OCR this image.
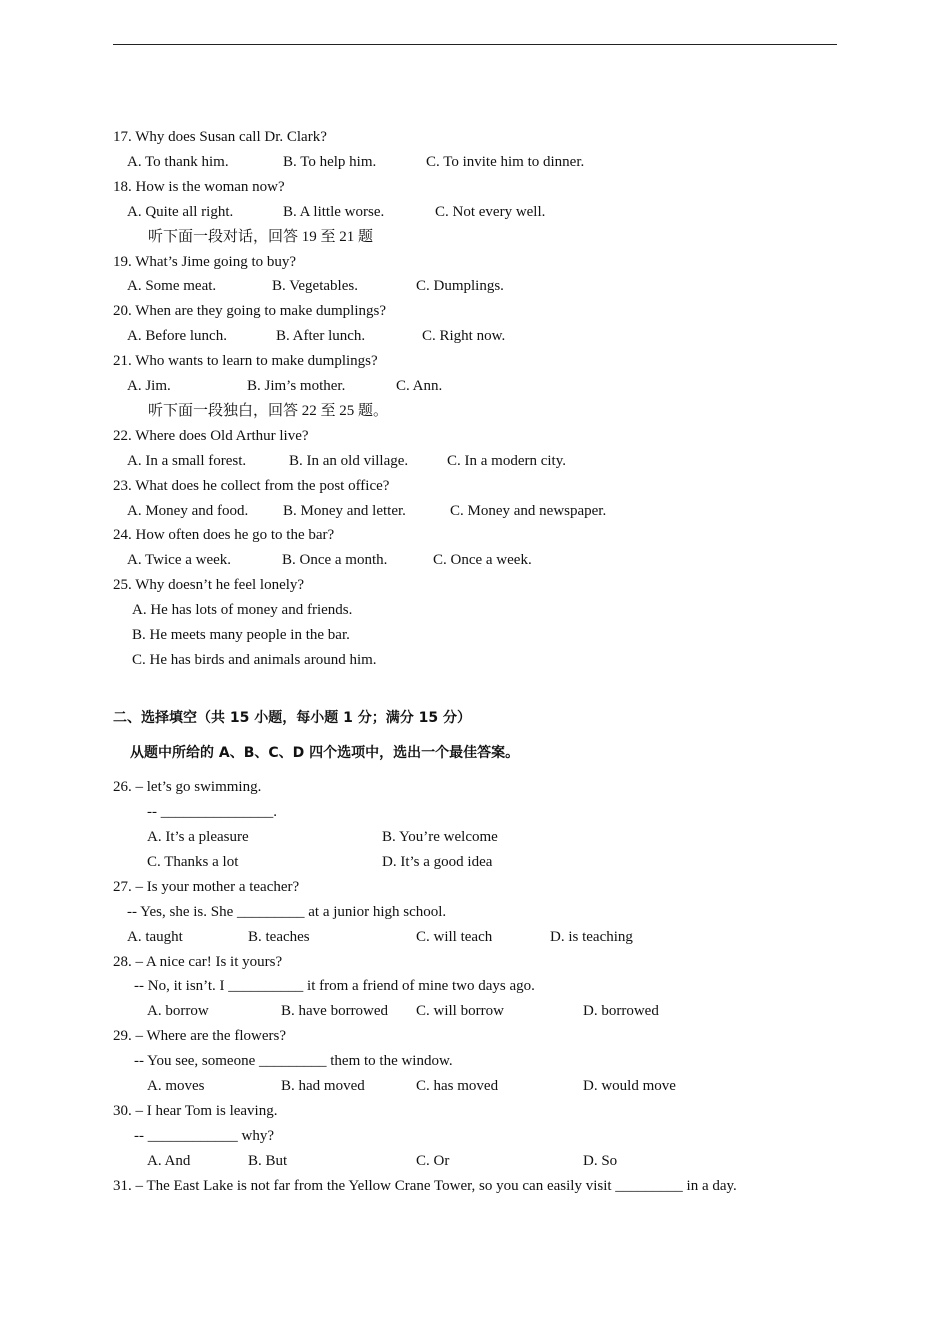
17. Why does Susan call Dr. Clark?
A. To thank him.	B. To help him.	C. To invite him to dinner.
18. How is the woman now?
A. Quite all right.	B. A little worse.	C. Not every well.
听下面一段对话，回答 19 至 21 题
19. What’s Jime going to buy?
A. Some meat.	B. Vegetables.	C. Dumplings.
20. When are they going to make dumplings?
A. Before lunch.	B. After lunch.	C. Right now.
21. Who wants to learn to make dumplings?
A. Jim.	B. Jim’s mother.	C. Ann.
听下面一段独白，回答 22 至 25 题。
22. Where does Old Arthur live?
A. In a small forest.	B. In an old village.	C. In a modern city.
23. What does he collect from the post office?
A. Money and food. B. Money and letter.	C. Money and newspaper.
24. How often does he go to the bar?
A. Twice a week.	B. Once a month.	C. Once a week.
25. Why doesn’t he feel lonely?
A. He has lots of money and friends.
B. He meets many people in the bar.
C. He has birds and animals around him.
二、选择填空（共 15 小题，每小题 1 分；满分 15 分）
从题中所给的 A、B、C、D 四个选项中，选出一个最佳答案。
26. – let’s go swimming.
-- _______________.
A. It’s a pleasure	B. You’re welcome
C. Thanks a lot	D. It’s a good idea
27. – Is your mother a teacher?
-- Yes, she is. She _________ at a junior high school.
A. taught	B. teaches	C. will teach	D. is teaching
28. – A nice car! Is it yours?
-- No, it isn’t. I __________ it from a friend of mine two days ago.
A. borrow	B. have borrowed C. will borrow	D. borrowed
29. – Where are the flowers?
-- You see, someone _________ them to the window.
A. moves	B. had moved	C. has moved	D. would move
30. – I hear Tom is leaving.
-- ____________ why?
A. And	B. But	C. Or	D. So
31. – The East Lake is not far from the Yellow Crane Tower, so you can easily visit _________ in a day.
